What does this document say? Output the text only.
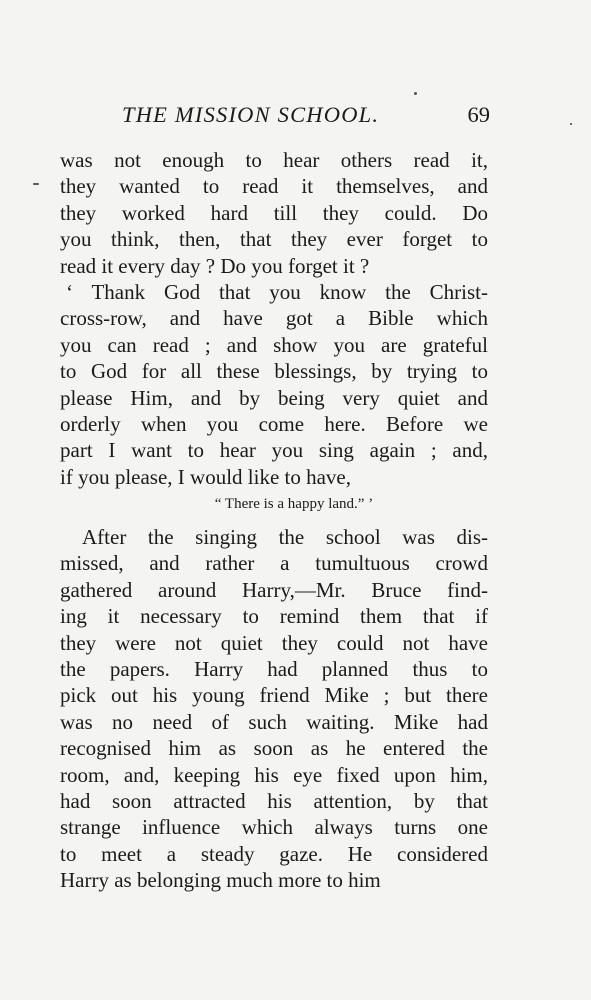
THE MISSION SCHOOL.	69
was not enough to hear others read it,
they wanted to read it themselves, and
they worked hard till they could. Do
you think, then, that they ever forget to
read it every day ? Do you forget it ?
‘ Thank God that you know the Christ-
cross-row, and have got a Bible which
you can read ; and show you are grateful
to God for all these blessings, by trying to
please Him, and by being very quiet and
orderly when you come here. Before we
part I want to hear you sing again ; and,
if you please, I would like to have,
“ There is a happy land.” ’
After the singing the school was dis-
missed, and rather a tumultuous crowd
gathered around Harry,—Mr. Bruce find-
ing it necessary to remind them that if
they were not quiet they could not have
the papers. Harry had planned thus to
pick out his young friend Mike ; but there
was no need of such waiting. Mike had
recognised him as soon as he entered the
room, and, keeping his eye fixed upon him,
had soon attracted his attention, by that
strange influence which always turns one
to meet a steady gaze. He considered
Harry as belonging much more to him
